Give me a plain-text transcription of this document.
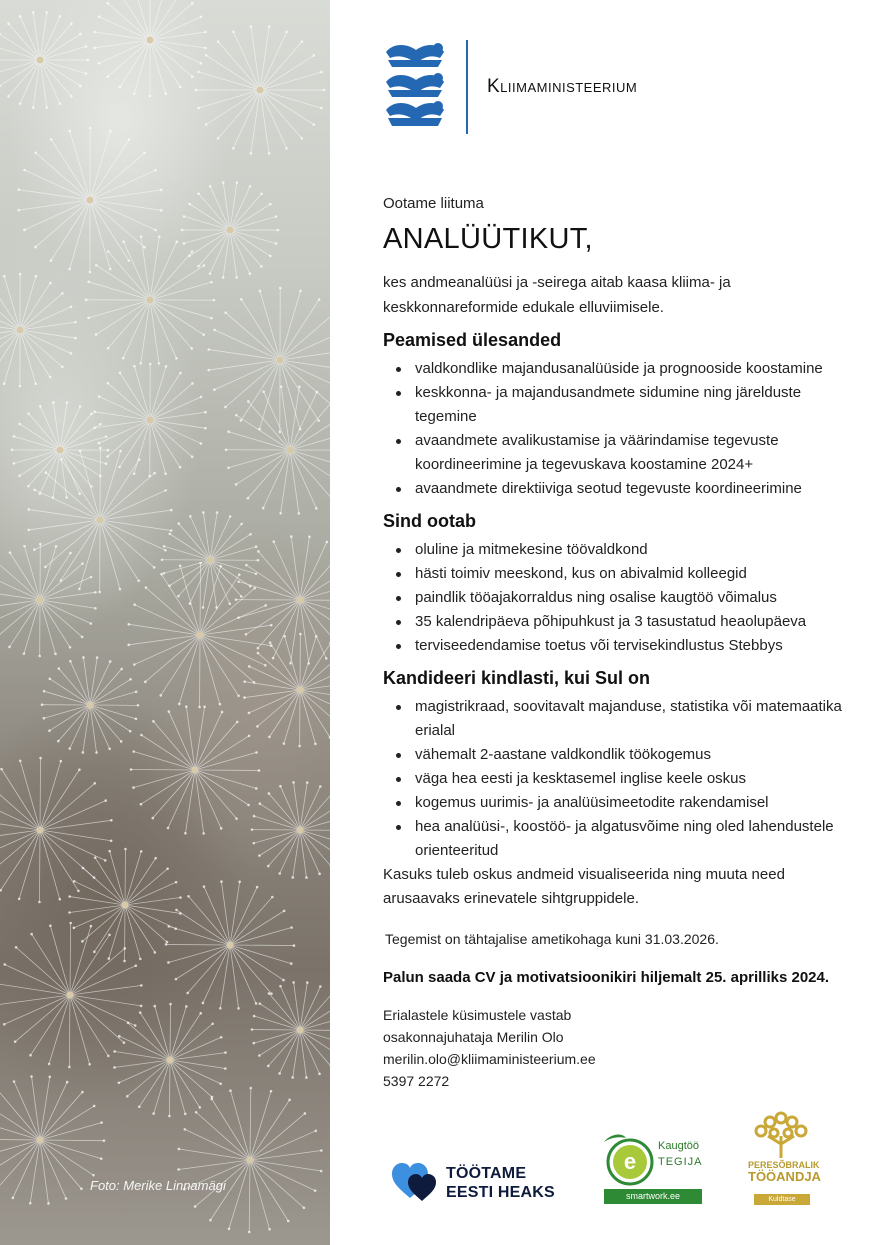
Foto: Merike Linnamägi
Kliimaministeerium
Ootame liituma
ANALÜÜTIKUT,
kes andmeanalüüsi ja -seirega aitab kaasa kliima- ja keskkonnareformide edukale elluviimisele.
Peamised ülesanded
valdkondlike majandusanalüüside ja prognooside koostamine
keskkonna- ja majandusandmete sidumine ning järelduste tegemine
avaandmete avalikustamise ja väärindamise tegevuste koordineerimine ja tegevuskava koostamine 2024+
avaandmete direktiiviga seotud tegevuste koordineerimine
Sind ootab
oluline ja mitmekesine töövaldkond
hästi toimiv meeskond, kus on abivalmid kolleegid
paindlik tööajakorraldus ning osalise kaugtöö võimalus
35 kalendripäeva põhipuhkust ja 3 tasustatud heaolupäeva
terviseedendamise toetus või tervisekindlustus Stebbys
Kandideeri kindlasti, kui Sul on
magistrikraad, soovitavalt majanduse, statistika või matemaatika erialal
vähemalt 2-aastane valdkondlik töökogemus
väga hea eesti ja kesktasemel inglise keele oskus
kogemus uurimis- ja analüüsimeetodite rakendamisel
hea analüüsi-, koostöö- ja algatusvõime ning oled lahendustele orienteeritud
Kasuks tuleb oskus andmeid visualiseerida ning muuta need arusaavaks erinevatele sihtgruppidele.
Tegemist on tähtajalise ametikohaga kuni 31.03.2026.
Palun saada CV ja motivatsioonikiri hiljemalt 25. aprilliks 2024.
Erialastele küsimustele vastab
osakonnajuhataja Merilin Olo
merilin.olo@kliimaministeerium.ee
5397 2272
TÖÖTAME
EESTI HEAKS
e
Kaugtöö
TEGIJA
smartwork.ee
PERESÕBRALIK
TÖÖANDJA
Kuldtase
